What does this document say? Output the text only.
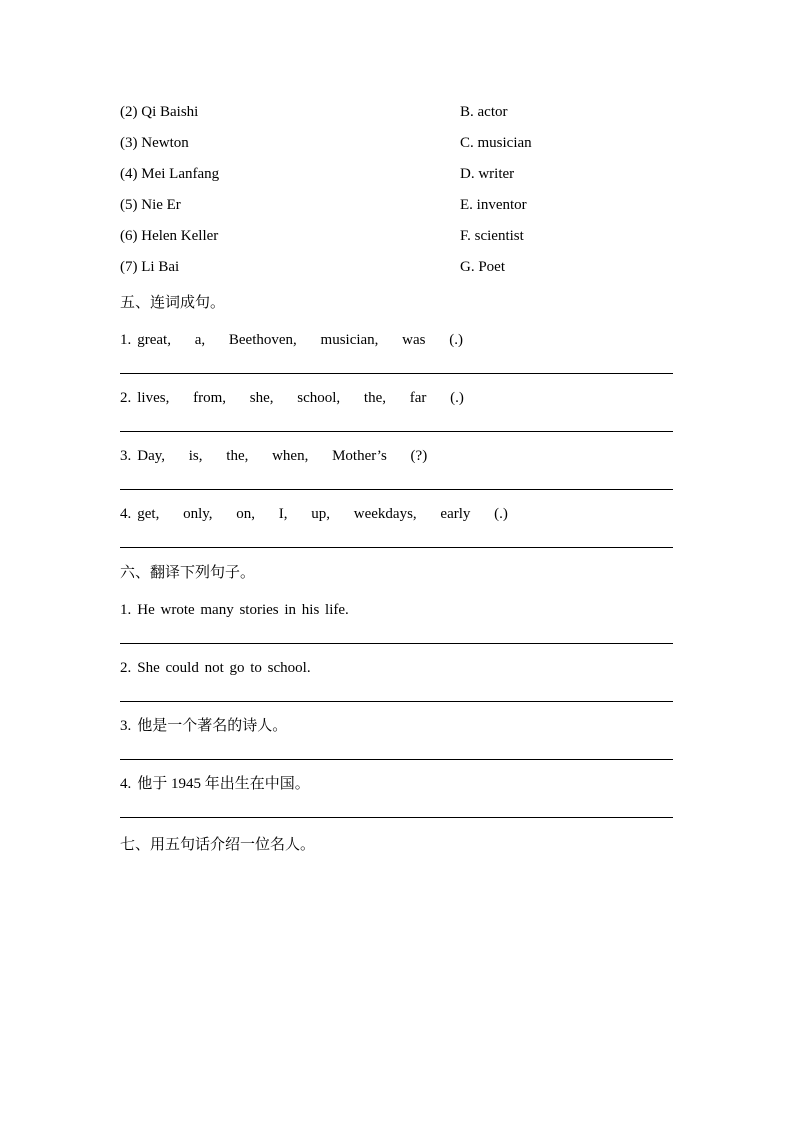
(2) Qi Baishi	B. actor
(3) Newton	C. musician
(4) Mei Lanfang	D. writer
(5) Nie Er	E. inventor
(6) Helen Keller	F. scientist
(7) Li Bai	G. Poet
五、连词成句。
1. great, a, Beethoven, musician, was (.)
2. lives, from, she, school, the, far (.)
3. Day, is, the, when, Mother’s (?)
4. get, only, on, I, up, weekdays, early (.)
六、翻译下列句子。
1. He wrote many stories in his life.
2. She could not go to school.
3. 他是一个著名的诗人。
4. 他于 1945 年出生在中国。
七、用五句话介绍一位名人。
